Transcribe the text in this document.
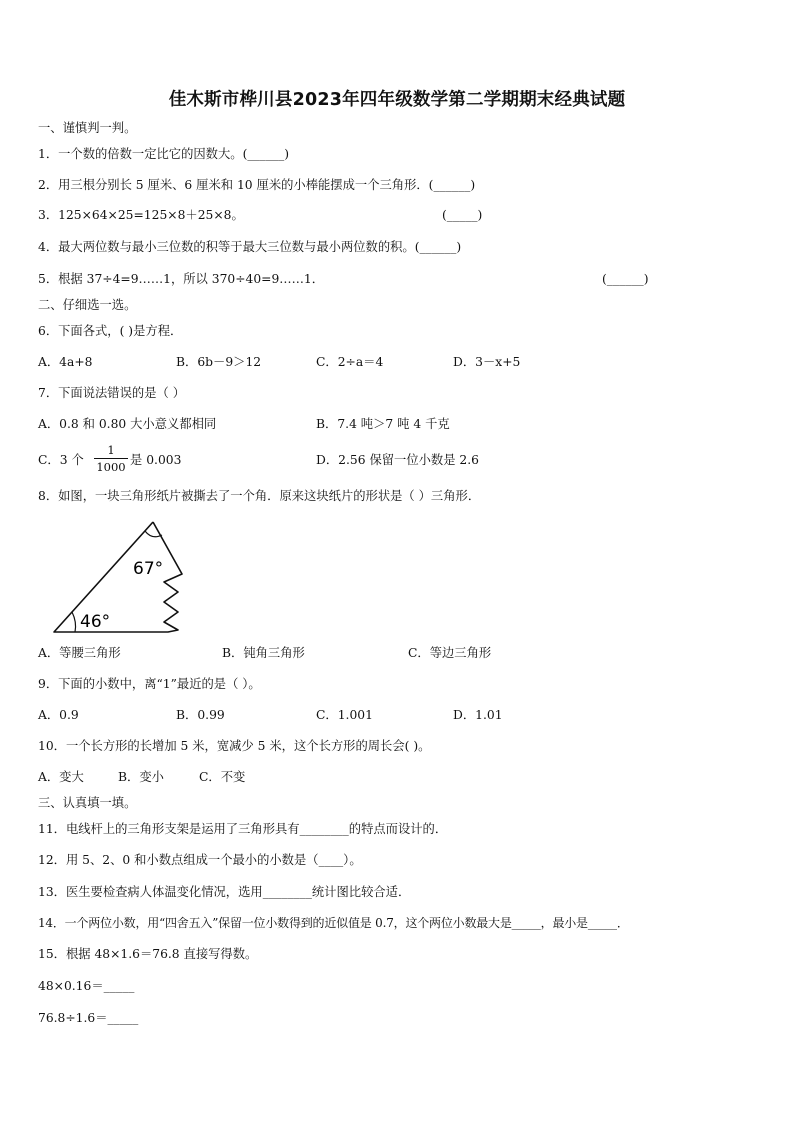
佳木斯市桦川县2023年四年级数学第二学期期末经典试题
一、谨慎判一判。
1．一个数的倍数一定比它的因数大。(______)
2．用三根分别长 5 厘米、6 厘米和 10 厘米的小棒能摆成一个三角形．(______)
3．125×64×25=125×8＋25×8。	(_____)
4．最大两位数与最小三位数的积等于最大三位数与最小两位数的积。(______)
5．根据 37÷4=9……1，所以 370÷40=9……1．	(______)
二、仔细选一选。
6．下面各式，( )是方程．
A．4a+8	B．6b－9＞12	C．2÷a＝4	D．3－x+5
7．下面说法错误的是（ ）
A．0.8 和 0.80 大小意义都相同	B．7.4 吨＞7 吨 4 千克
C．3 个
1
1000 是 0.003	D．2.56 保留一位小数是 2.6
8．如图，一块三角形纸片被撕去了一个角．原来这块纸片的形状是（ ）三角形．
67°
46°
A．等腰三角形	B．钝角三角形	C．等边三角形
9．下面的小数中，离“1”最近的是（ ）。
A．0.9	B．0.99	C．1.001	D．1.01
10．一个长方形的长增加 5 米，宽减少 5 米，这个长方形的周长会( )。
A．变大	B．变小	C．不变
三、认真填一填。
11．电线杆上的三角形支架是运用了三角形具有________的特点而设计的．
12．用 5、2、0 和小数点组成一个最小的小数是（____）。
13．医生要检查病人体温变化情况，选用________统计图比较合适．
14．一个两位小数，用“四舍五入”保留一位小数得到的近似值是 0.7，这个两位小数最大是_____，最小是_____．
15．根据 48×1.6＝76.8 直接写得数。
48×0.16＝_____
76.8÷1.6＝_____
